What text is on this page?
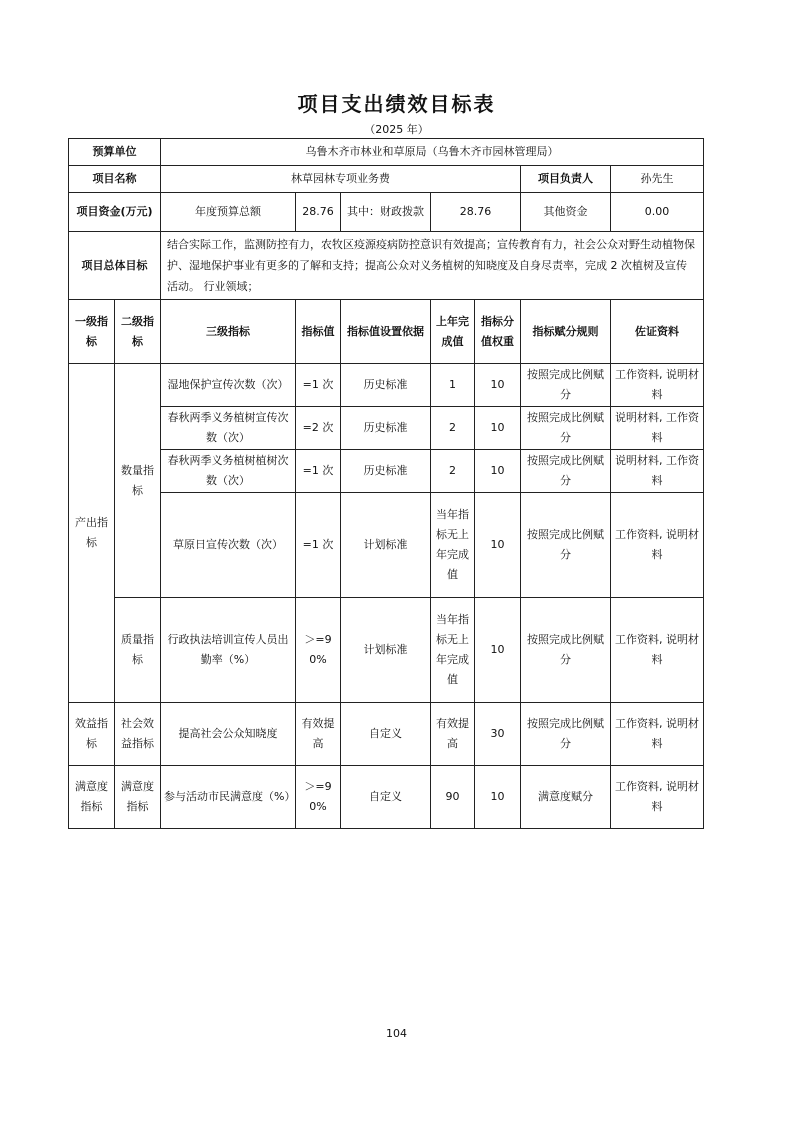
项目支出绩效目标表
（2025 年）
预算单位		乌鲁木齐市林业和草原局（乌鲁木齐市园林管理局）						
项目名称		林草园林专项业务费					项目负责人	孙先生
项目资金(万元)		年度预算总额	28.76	其中：财政拨款	28.76		其他资金	0.00
项目总体目标		结合实际工作，监测防控有力，农牧区疫源疫病防控意识有效提高；宣传教育有力，社会公众对野生动植物保护、湿地保护事业有更多的了解和支持；提高公众对义务植树的知晓度及自身尽责率，完成 2 次植树及宣传活动。 行业领域；						
一级指标	二级指标	三级指标	指标值	指标值设置依据	上年完成值	指标分值权重	指标赋分规则	佐证资料
产出指标	数量指标	湿地保护宣传次数（次）	=1 次	历史标准	1	10	按照完成比例赋分	工作资料, 说明材料
		春秋两季义务植树宣传次数（次）	=2 次	历史标准	2	10	按照完成比例赋分	说明材料, 工作资料
		春秋两季义务植树植树次数（次）	=1 次	历史标准	2	10	按照完成比例赋分	说明材料, 工作资料
		草原日宣传次数（次）	=1 次	计划标准	当年指标无上年完成值	10	按照完成比例赋分	工作资料, 说明材料
	质量指标	行政执法培训宣传人员出勤率（%）	＞=90%	计划标准	当年指标无上年完成值	10	按照完成比例赋分	工作资料, 说明材料
效益指标	社会效益指标	提高社会公众知晓度	有效提高	自定义	有效提高	30	按照完成比例赋分	工作资料, 说明材料
满意度指标	满意度指标	参与活动市民满意度（%）	＞=90%	自定义	90	10	满意度赋分	工作资料, 说明材料
104
